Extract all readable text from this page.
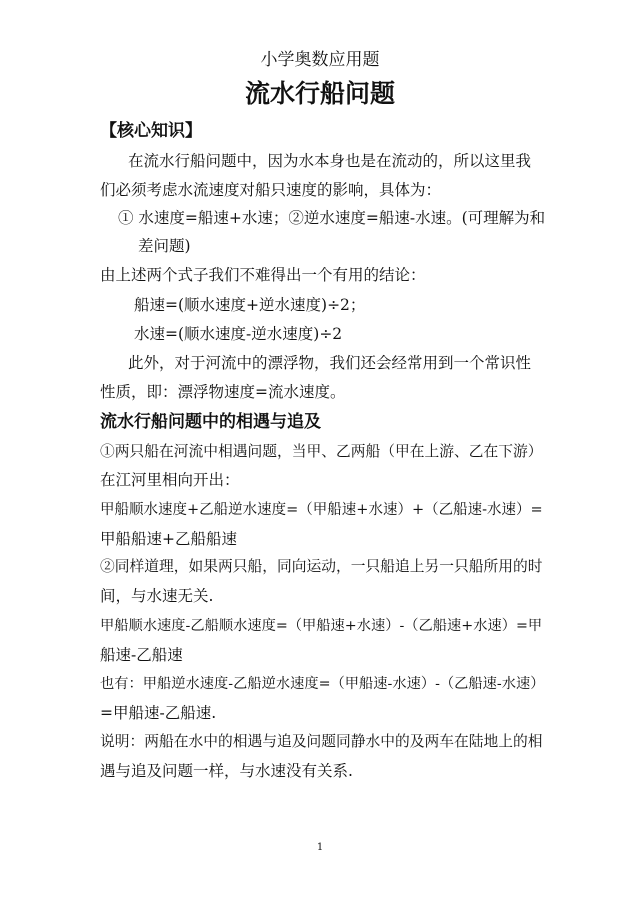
小学奥数应用题
流水行船问题
【核心知识】
在流水行船问题中，因为水本身也是在流动的，所以这里我
们必须考虑水流速度对船只速度的影响，具体为：
① 水速度=船速+水速；②逆水速度=船速-水速。(可理解为和
差问题)
由上述两个式子我们不难得出一个有用的结论：
船速=(顺水速度+逆水速度)÷2；
水速=(顺水速度-逆水速度)÷2
此外，对于河流中的漂浮物，我们还会经常用到一个常识性
性质，即：漂浮物速度=流水速度。
流水行船问题中的相遇与追及
①两只船在河流中相遇问题，当甲、乙两船（甲在上游、乙在下游）
在江河里相向开出：
甲船顺水速度+乙船逆水速度=（甲船速+水速）+（乙船速-水速）=
甲船船速+乙船船速
②同样道理，如果两只船，同向运动，一只船追上另一只船所用的时
间，与水速无关.
甲船顺水速度-乙船顺水速度=（甲船速+水速）-（乙船速+水速）=甲
船速-乙船速
也有：甲船逆水速度-乙船逆水速度=（甲船速-水速）-（乙船速-水速）
=甲船速-乙船速.
说明：两船在水中的相遇与追及问题同静水中的及两车在陆地上的相
遇与追及问题一样，与水速没有关系.
1
